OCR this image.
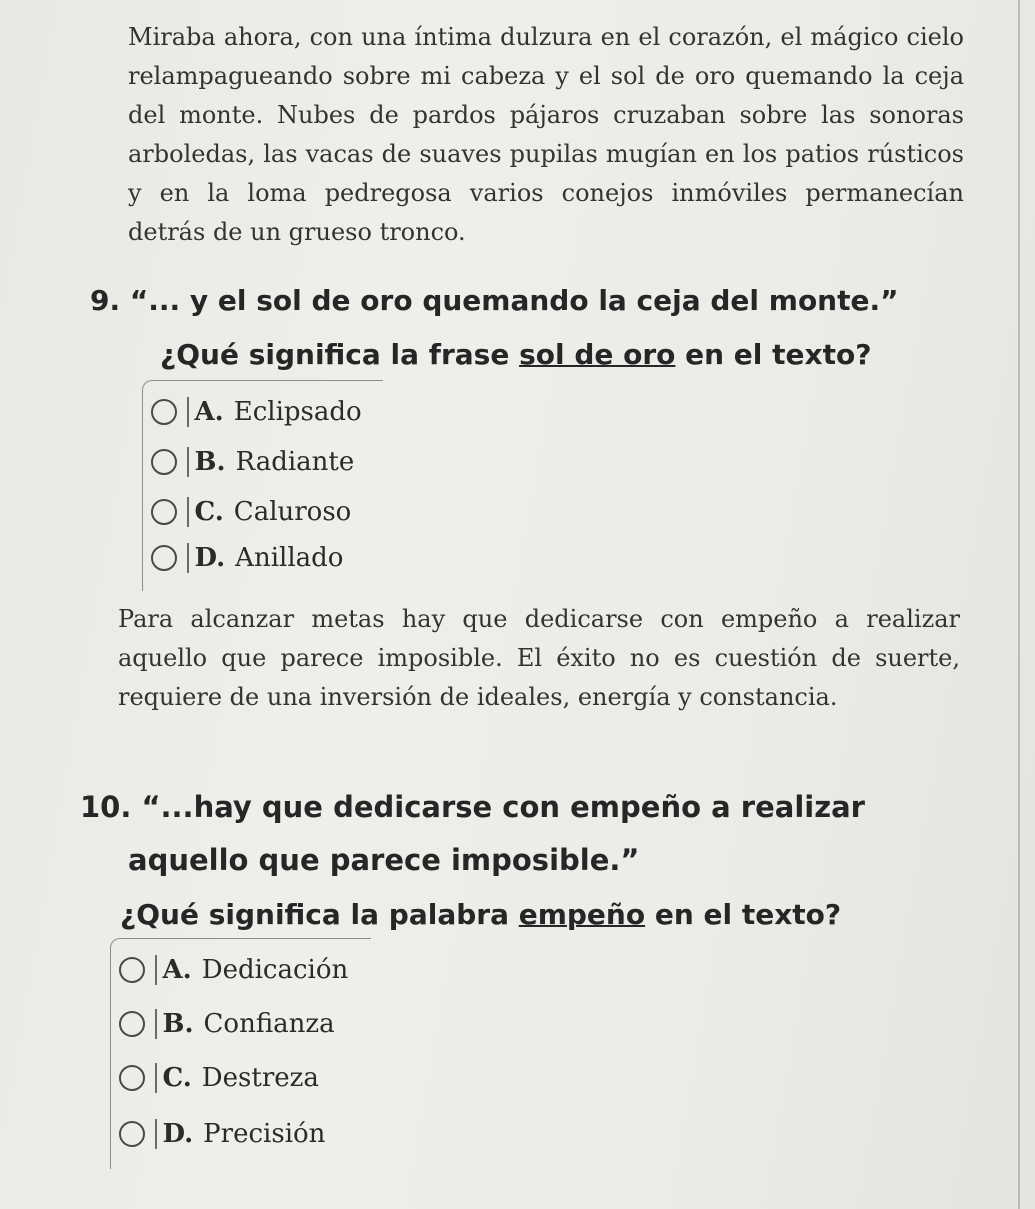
Miraba ahora, con una íntima dulzura en el corazón, el mágico cielo relampagueando sobre mi cabeza y el sol de oro quemando la ceja del monte. Nubes de pardos pájaros cruzaban sobre las sonoras arboledas, las vacas de suaves pupilas mugían en los patios rústicos y en la loma pedregosa varios conejos inmóviles permanecían detrás de un grueso tronco.

9. “... y el sol de oro quemando la ceja del monte.”

¿Qué significa la frase sol de oro en el texto?

A. Eclipsado
B. Radiante
C. Caluroso
D. Anillado

Para alcanzar metas hay que dedicarse con empeño a realizar aquello que parece imposible. El éxito no es cuestión de suerte, requiere de una inversión de ideales, energía y constancia.

10. “...hay que dedicarse con empeño a realizar

aquello que parece imposible.”

¿Qué significa la palabra empeño en el texto?

A. Dedicación
B. Confianza
C. Destreza
D. Precisión
